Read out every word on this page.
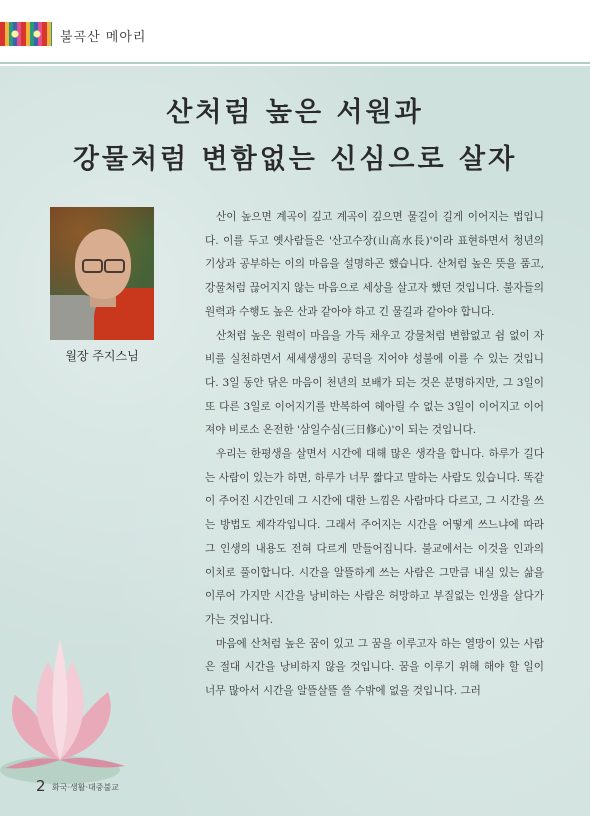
불곡산 메아리
산처럼 높은 서원과
강물처럼 변함없는 신심으로 살자
월장 주지스님

산이 높으면 계곡이 깊고 계곡이 깊으면 물길이 길게 이어지는 법입니다. 이를 두고 옛사람들은 '산고수장(山高水長)'이라 표현하면서 청년의 기상과 공부하는 이의 마음을 설명하곤 했습니다. 산처럼 높은 뜻을 품고, 강물처럼 끊어지지 않는 마음으로 세상을 살고자 했던 것입니다. 불자들의 원력과 수행도 높은 산과 같아야 하고 긴 물길과 같아야 합니다.

산처럼 높은 원력이 마음을 가득 채우고 강물처럼 변함없고 쉼 없이 자비를 실천하면서 세세생생의 공덕을 지어야 성불에 이를 수 있는 것입니다. 3일 동안 닦은 마음이 천년의 보배가 되는 것은 분명하지만, 그 3일이 또 다른 3일로 이어지기를 반복하여 헤아릴 수 없는 3일이 이어지고 이어져야 비로소 온전한 '삼일수심(三日修心)'이 되는 것입니다.

우리는 한평생을 살면서 시간에 대해 많은 생각을 합니다. 하루가 길다는 사람이 있는가 하면, 하루가 너무 짧다고 말하는 사람도 있습니다. 똑같이 주어진 시간인데 그 시간에 대한 느낌은 사람마다 다르고, 그 시간을 쓰는 방법도 제각각입니다. 그래서 주어지는 시간을 어떻게 쓰느냐에 따라 그 인생의 내용도 전혀 다르게 만들어집니다. 불교에서는 이것을 인과의 이치로 풀이합니다. 시간을 알뜰하게 쓰는 사람은 그만큼 내실 있는 삶을 이루어 가지만 시간을 낭비하는 사람은 허망하고 부질없는 인생을 살다가 가는 것입니다.

마음에 산처럼 높은 꿈이 있고 그 꿈을 이루고자 하는 열망이 있는 사람은 절대 시간을 낭비하지 않을 것입니다. 꿈을 이루기 위해 해야 할 일이 너무 많아서 시간을 알뜰살뜰 쓸 수밖에 없을 것입니다. 그러

2 화국·생활·대중불교
